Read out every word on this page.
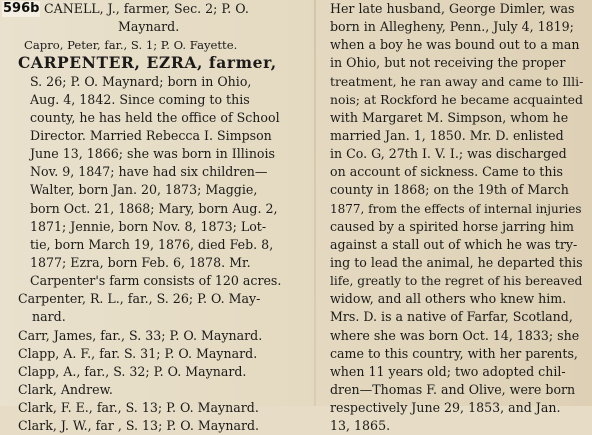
CANELL, J., farmer, Sec. 2; P. O.
Maynard.
Capro, Peter, far., S. 1; P. O. Fayette.
CARPENTER, EZRA, farmer,
S. 26; P. O. Maynard; born in Ohio,
Aug. 4, 1842. Since coming to this
county, he has held the office of School
Director. Married Rebecca I. Simpson
June 13, 1866; she was born in Illinois
Nov. 9, 1847; have had six children—
Walter, born Jan. 20, 1873; Maggie,
born Oct. 21, 1868; Mary, born Aug. 2,
1871; Jennie, born Nov. 8, 1873; Lot-
tie, born March 19, 1876, died Feb. 8,
1877; Ezra, born Feb. 6, 1878. Mr.
Carpenter's farm consists of 120 acres.
Carpenter, R. L., far., S. 26; P. O. May-
nard.
Carr, James, far., S. 33; P. O. Maynard.
Clapp, A. F., far. S. 31; P. O. Maynard.
Clapp, A., far., S. 32; P. O. Maynard.
Clark, Andrew.
Clark, F. E., far., S. 13; P. O. Maynard.
Clark, J. W., far , S. 13; P. O. Maynard.
Her late husband, George Dimler, was
born in Allegheny, Penn., July 4, 1819;
when a boy he was bound out to a man
in Ohio, but not receiving the proper
treatment, he ran away and came to Illi-
nois; at Rockford he became acquainted
with Margaret M. Simpson, whom he
married Jan. 1, 1850. Mr. D. enlisted
in Co. G, 27th I. V. I.; was discharged
on account of sickness. Came to this
county in 1868; on the 19th of March
1877, from the effects of internal injuries
caused by a spirited horse jarring him
against a stall out of which he was try-
ing to lead the animal, he departed this
life, greatly to the regret of his bereaved
widow, and all others who knew him.
Mrs. D. is a native of Farfar, Scotland,
where she was born Oct. 14, 1833; she
came to this country, with her parents,
when 11 years old; two adopted chil-
dren—Thomas F. and Olive, were born
respectively June 29, 1853, and Jan.
13, 1865.
596b
